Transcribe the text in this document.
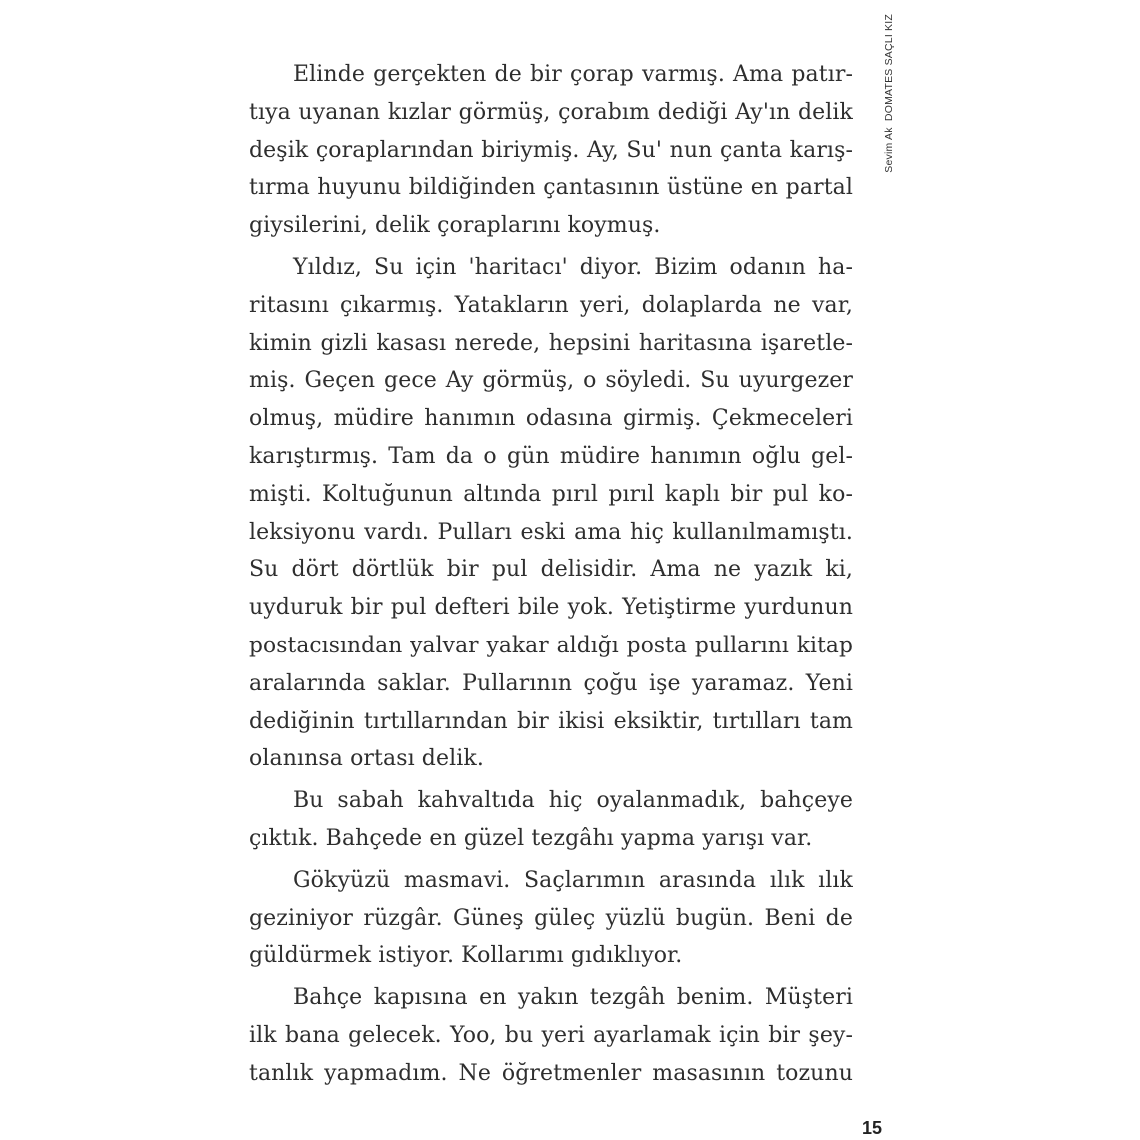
Sevim Ak  DOMATES SAÇLI KIZ
Elinde gerçekten de bir çorap varmış. Ama patır-
tıya uyanan kızlar görmüş, çorabım dediği Ay'ın delik
deşik çoraplarından biriymiş. Ay, Su' nun çanta karış-
tırma huyunu bildiğinden çantasının üstüne en partal
giysilerini, delik çoraplarını koymuş.
Yıldız, Su için 'haritacı' diyor. Bizim odanın ha-
ritasını çıkarmış. Yatakların yeri, dolaplarda ne var,
kimin gizli kasası nerede, hepsini haritasına işaretle-
miş. Geçen gece Ay görmüş, o söyledi. Su uyurgezer
olmuş, müdire hanımın odasına girmiş. Çekmeceleri
karıştırmış. Tam da o gün müdire hanımın oğlu gel-
mişti. Koltuğunun altında pırıl pırıl kaplı bir pul ko-
leksiyonu vardı. Pulları eski ama hiç kullanılmamıştı.
Su dört dörtlük bir pul delisidir. Ama ne yazık ki,
uyduruk bir pul defteri bile yok. Yetiştirme yurdunun
postacısından yalvar yakar aldığı posta pullarını kitap
aralarında saklar. Pullarının çoğu işe yaramaz. Yeni
dediğinin tırtıllarından bir ikisi eksiktir, tırtılları tam
olanınsa ortası delik.
Bu sabah kahvaltıda hiç oyalanmadık, bahçeye
çıktık. Bahçede en güzel tezgâhı yapma yarışı var.
Gökyüzü masmavi. Saçlarımın arasında ılık ılık
geziniyor rüzgâr. Güneş güleç yüzlü bugün. Beni de
güldürmek istiyor. Kollarımı gıdıklıyor.
Bahçe kapısına en yakın tezgâh benim. Müşteri
ilk bana gelecek. Yoo, bu yeri ayarlamak için bir şey-
tanlık yapmadım. Ne öğretmenler masasının tozunu
15
